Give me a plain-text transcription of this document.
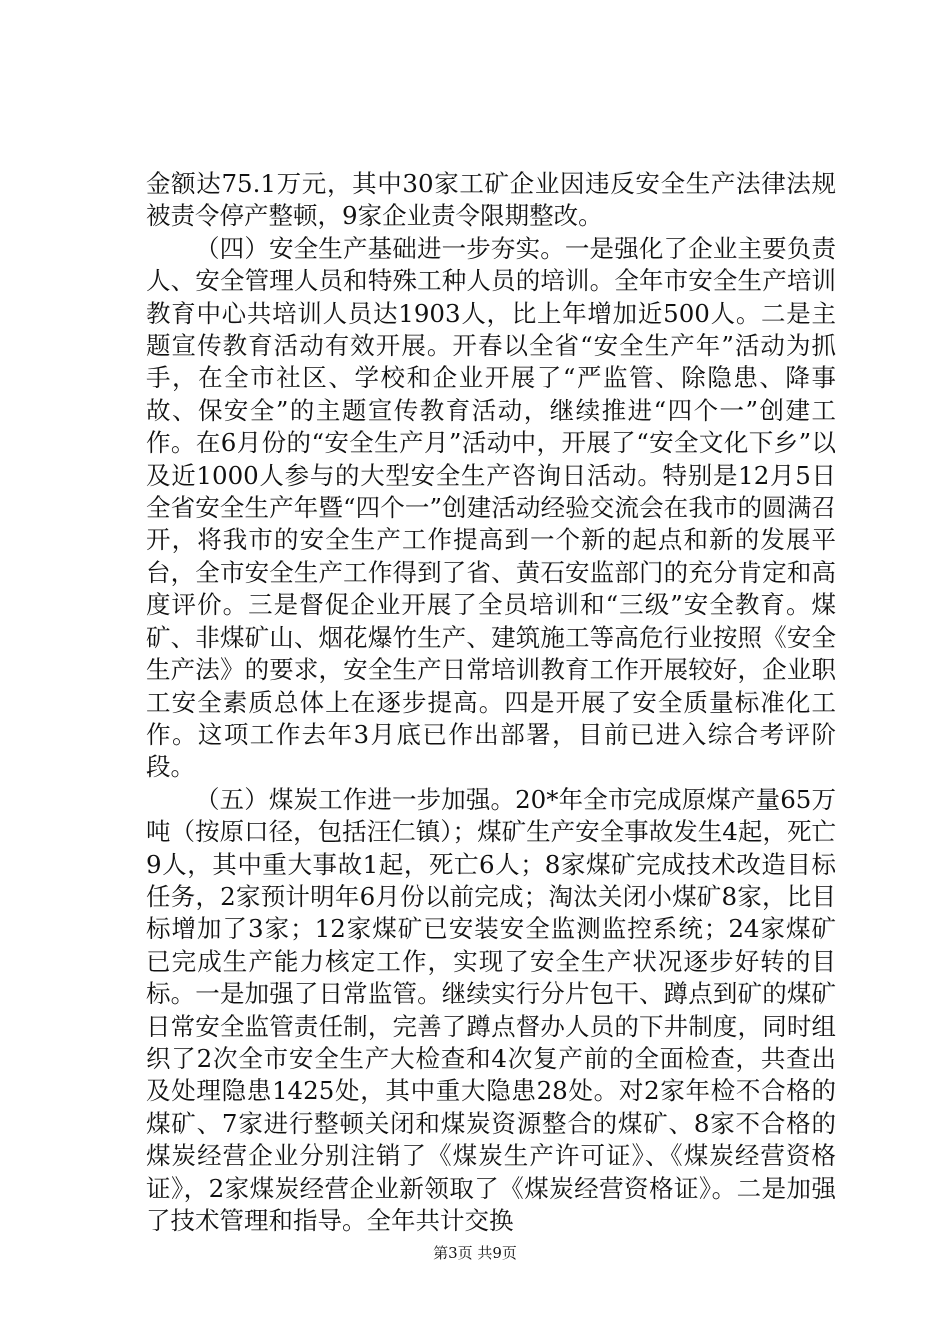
金额达75.1万元，其中30家工矿企业因违反安全生产法律法规被责令停产整顿，9家企业责令限期整改。

（四）安全生产基础进一步夯实。一是强化了企业主要负责人、安全管理人员和特殊工种人员的培训。全年市安全生产培训教育中心共培训人员达1903人，比上年增加近500人。二是主题宣传教育活动有效开展。开春以全省“安全生产年”活动为抓手，在全市社区、学校和企业开展了“严监管、除隐患、降事故、保安全”的主题宣传教育活动，继续推进“四个一”创建工作。在6月份的“安全生产月”活动中，开展了“安全文化下乡”以及近1000人参与的大型安全生产咨询日活动。特别是12月5日全省安全生产年暨“四个一”创建活动经验交流会在我市的圆满召开，将我市的安全生产工作提高到一个新的起点和新的发展平台，全市安全生产工作得到了省、黄石安监部门的充分肯定和高度评价。三是督促企业开展了全员培训和“三级”安全教育。煤矿、非煤矿山、烟花爆竹生产、建筑施工等高危行业按照《安全生产法》的要求，安全生产日常培训教育工作开展较好，企业职工安全素质总体上在逐步提高。四是开展了安全质量标准化工作。这项工作去年3月底已作出部署，目前已进入综合考评阶段。

（五）煤炭工作进一步加强。20*年全市完成原煤产量65万吨（按原口径，包括汪仁镇）；煤矿生产安全事故发生4起，死亡9人，其中重大事故1起，死亡6人；8家煤矿完成技术改造目标任务，2家预计明年6月份以前完成；淘汰关闭小煤矿8家，比目标增加了3家；12家煤矿已安装安全监测监控系统；24家煤矿已完成生产能力核定工作，实现了安全生产状况逐步好转的目标。一是加强了日常监管。继续实行分片包干、蹲点到矿的煤矿日常安全监管责任制，完善了蹲点督办人员的下井制度，同时组织了2次全市安全生产大检查和4次复产前的全面检查，共查出及处理隐患1425处，其中重大隐患28处。对2家年检不合格的煤矿、7家进行整顿关闭和煤炭资源整合的煤矿、8家不合格的煤炭经营企业分别注销了《煤炭生产许可证》、《煤炭经营资格证》，2家煤炭经营企业新领取了《煤炭经营资格证》。二是加强了技术管理和指导。全年共计交换

第3页 共9页
